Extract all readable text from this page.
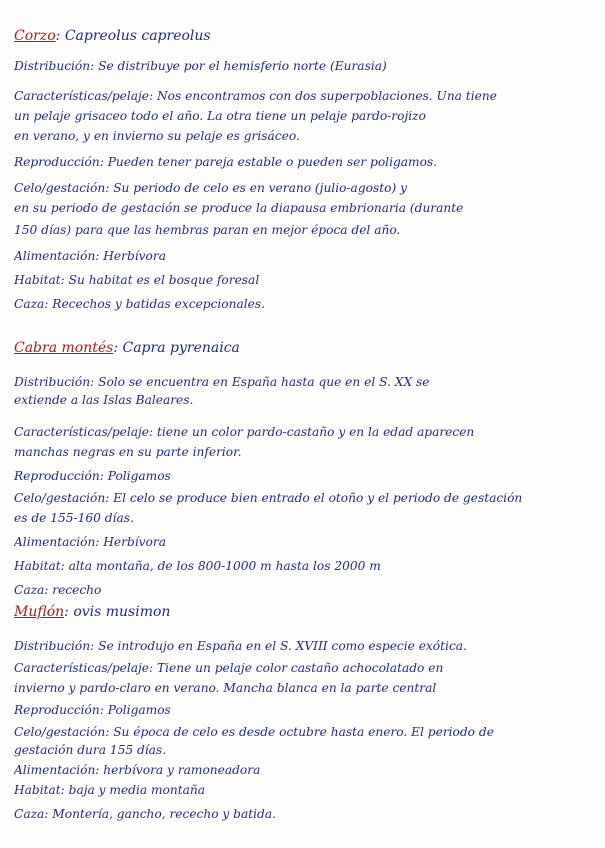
Corzo: Capreolus capreolus
Distribución: Se distribuye por el hemisferio norte (Eurasia)
Características/pelaje: Nos encontramos con dos superpoblaciones. Una tiene
un pelaje grisaceo todo el año. La otra tiene un pelaje pardo-rojizo
en verano, y en invierno su pelaje es grisáceo.
Reproducción: Pueden tener pareja estable o pueden ser poligamos.
Celo/gestación: Su periodo de celo es en verano (julio-agosto) y
en su periodo de gestación se produce la diapausa embrionaria (durante
150 días) para que las hembras paran en mejor época del año.
Alimentación: Herbívora
Habitat: Su habitat es el bosque foresal
Caza: Recechos y batidas excepcionales.
Cabra montés: Capra pyrenaica
Distribución: Solo se encuentra en España hasta que en el S. XX se
extiende a las Islas Baleares.
Características/pelaje: tiene un color pardo-castaño y en la edad aparecen
manchas negras en su parte inferior.
Reproducción: Poligamos
Celo/gestación: El celo se produce bien entrado el otoño y el periodo de gestación
es de 155-160 días.
Alimentación: Herbívora
Habitat: alta montaña, de los 800-1000 m hasta los 2000 m
Caza: rececho
Muflón: ovis musimon
Distribución: Se introdujo en España en el S. XVIII como especie exótica.
Características/pelaje: Tiene un pelaje color castaño achocolatado en
invierno y pardo-claro en verano. Mancha blanca en la parte central
Reproducción: Poligamos
Celo/gestación: Su época de celo es desde octubre hasta enero. El periodo de
gestación dura 155 días.
Alimentación: herbívora y ramoneadora
Habitat: baja y media montaña
Caza: Montería, gancho, rececho y batida.
